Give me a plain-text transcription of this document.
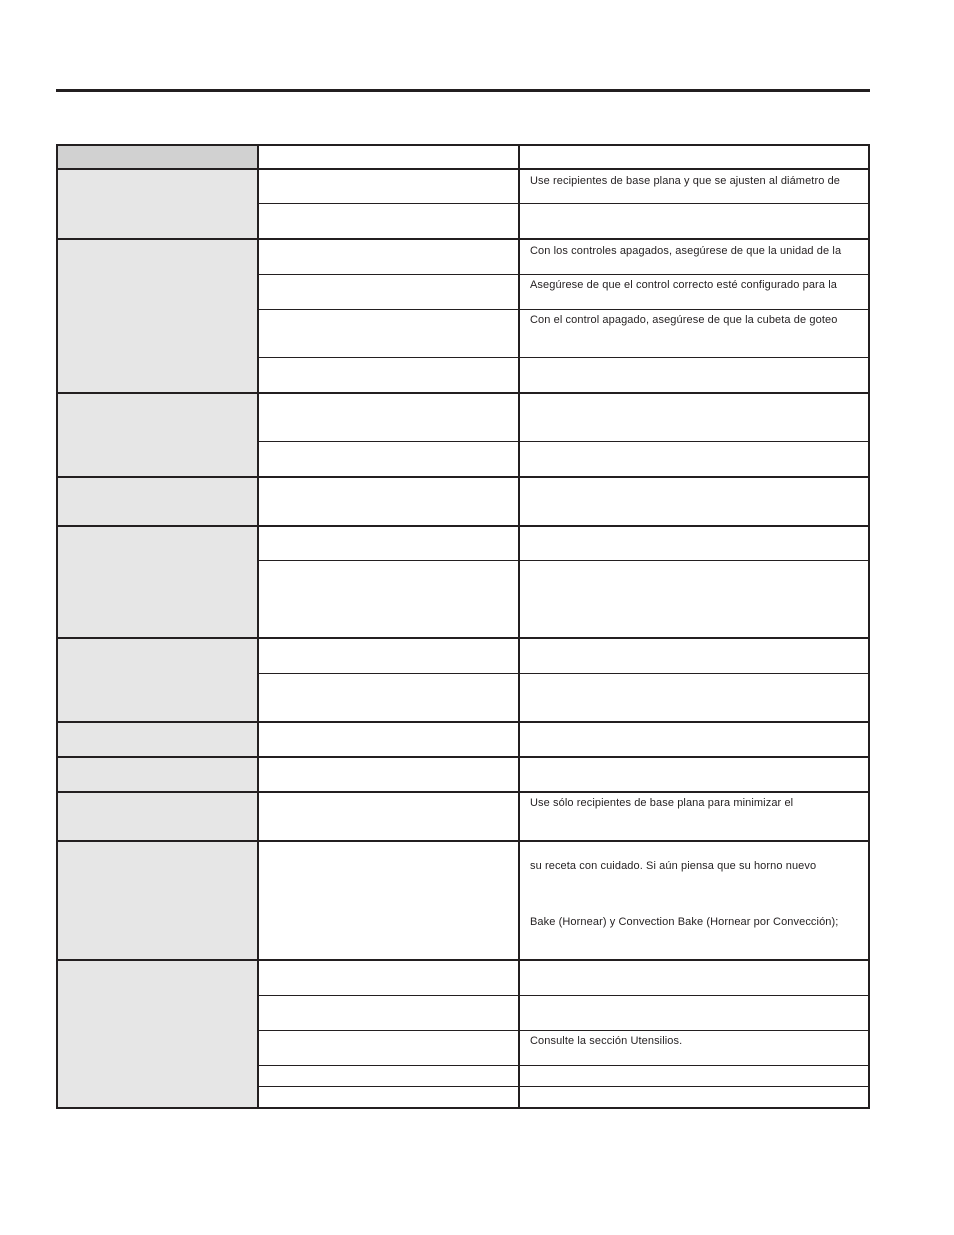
Use recipientes de base plana y que se ajusten al diámetro de
Con los controles apagados, asegúrese de que la unidad de la
Asegúrese de que el control correcto esté configurado para la
Con el control apagado, asegúrese de que la cubeta de goteo
Use sólo recipientes de base plana para minimizar el
su receta con cuidado. Si aún piensa que su horno nuevo
Bake (Hornear) y Convection Bake (Hornear por Convección);
Consulte la sección Utensilios.
